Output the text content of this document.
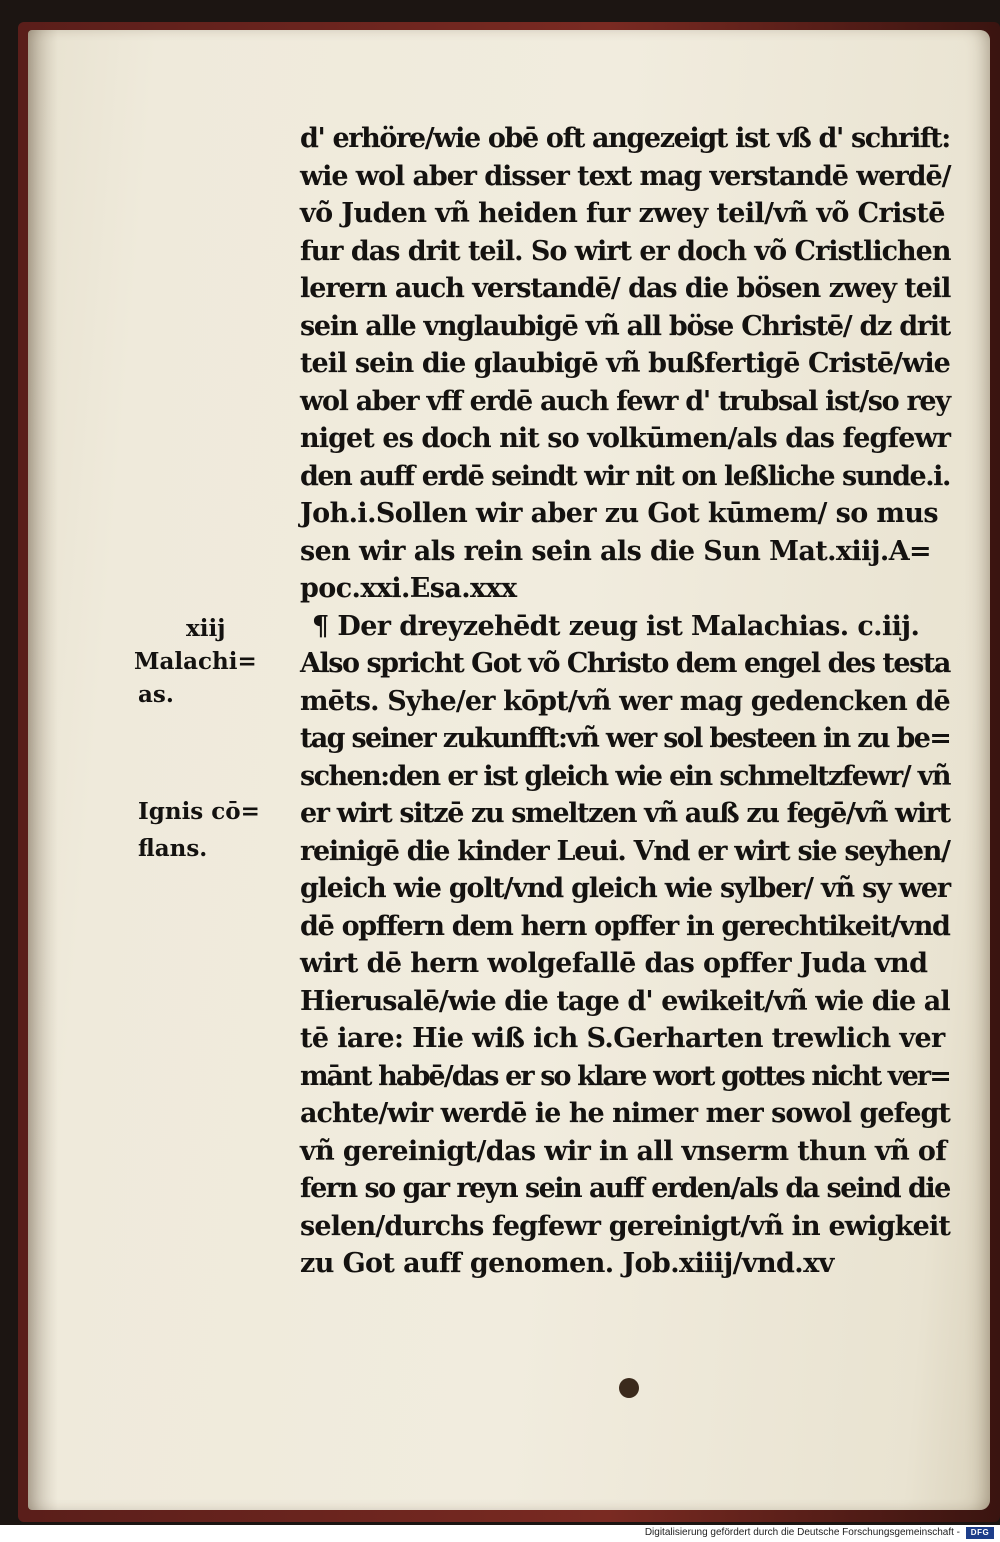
d' erhöre/wie obē oft angezeigt ist vß d' schrift:
wie wol aber disser text mag verstandē werdē/
võ Juden vñ heiden fur zwey teil/vñ võ Cristē
fur das drit teil. So wirt er doch võ Cristlichen
lerern auch verstandē/ das die bösen zwey teil
sein alle vnglaubigē vñ all böse Christē/ dz drit
teil sein die glaubigē vñ bußfertigē Cristē/wie
wol aber vff erdē auch fewr d' trubsal ist/so rey
niget es doch nit so volkūmen/als das fegfewr
den auff erdē seindt wir nit on leßliche sunde.i.
Joh.i.Sollen wir aber zu Got kūmem/ so mus
sen wir als rein sein als die Sun Mat.xiij.A=
poc.xxi.Esa.xxx
¶ Der dreyzehēdt zeug ist Malachias. c.iij.
Also spricht Got võ Christo dem engel des testa
mēts. Syhe/er kōpt/vñ wer mag gedencken dē
tag seiner zukunfft:vñ wer sol besteen in zu be=
schen:den er ist gleich wie ein schmeltzfewr/ vñ
er wirt sitzē zu smeltzen vñ auß zu fegē/vñ wirt
reinigē die kinder Leui. Vnd er wirt sie seyhen/
gleich wie golt/vnd gleich wie sylber/ vñ sy wer
dē opffern dem hern opffer in gerechtikeit/vnd
wirt dē hern wolgefallē das opffer Juda vnd
Hierusalē/wie die tage d' ewikeit/vñ wie die al
tē iare: Hie wiß ich S.Gerharten trewlich ver
mānt habē/das er so klare wort gottes nicht ver=
achte/wir werdē ie he nimer mer sowol gefegt
vñ gereinigt/das wir in all vnserm thun vñ of
fern so gar reyn sein auff erden/als da seind die
selen/durchs fegfewr gereinigt/vñ in ewigkeit
zu Got auff genomen. Job.xiiij/vnd.xv
xiij
Malachi=
as.
Ignis cō=
flans.
Digitalisierung gefördert durch die Deutsche Forschungsgemeinschaft -	DFG
